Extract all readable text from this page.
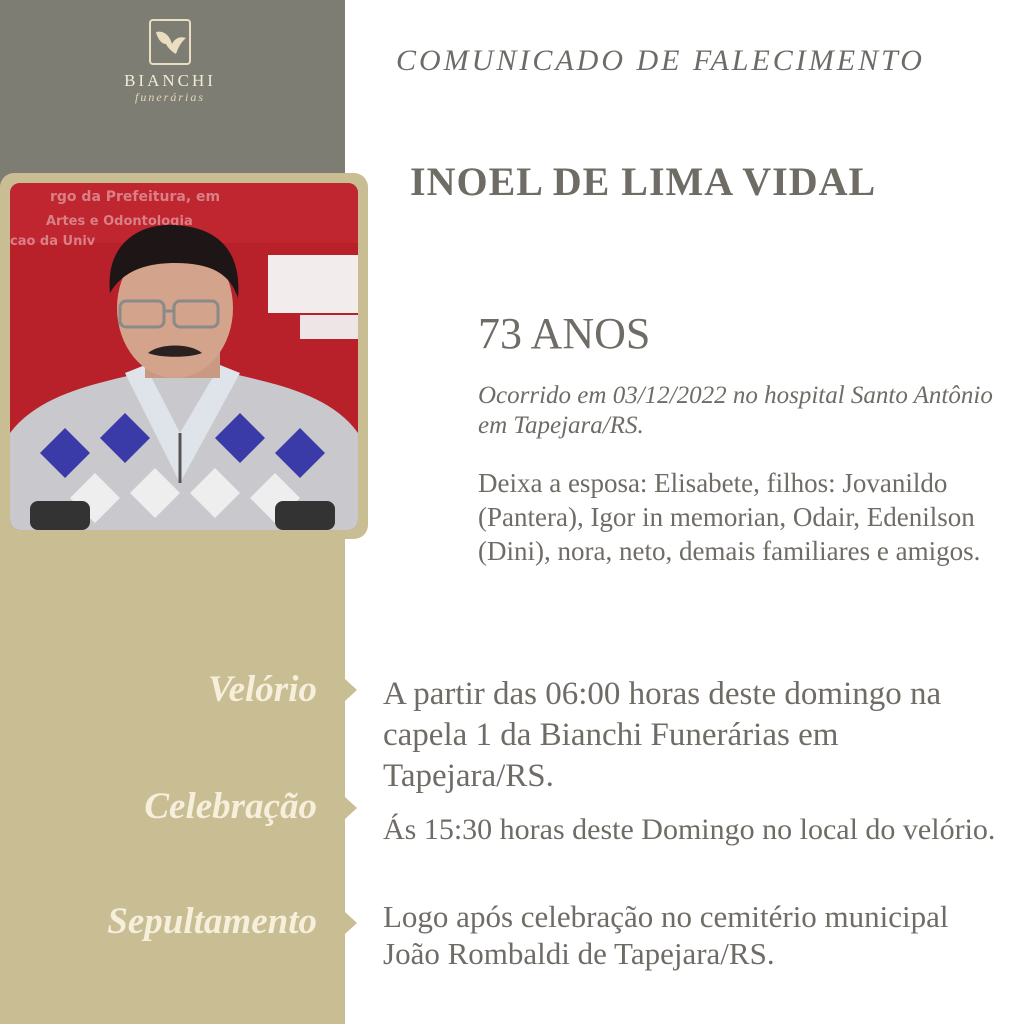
BIANCHI
funerárias
rgo da Prefeitura, em
Artes e Odontologia
cao da Univ
COMUNICADO DE FALECIMENTO
INOEL DE LIMA VIDAL
73 ANOS
Ocorrido em 03/12/2022 no hospital Santo Antônio em Tapejara/RS.
Deixa a esposa: Elisabete, filhos: Jovanildo (Pantera), Igor in memorian, Odair, Edenilson (Dini), nora, neto, demais familiares e amigos.
Velório A partir das 06:00 horas deste domingo na capela 1 da Bianchi Funerárias em Tapejara/RS.
Celebração
Ás 15:30 horas deste Domingo no local do velório.
Sepultamento Logo após celebração no cemitério municipal João Rombaldi de Tapejara/RS.
